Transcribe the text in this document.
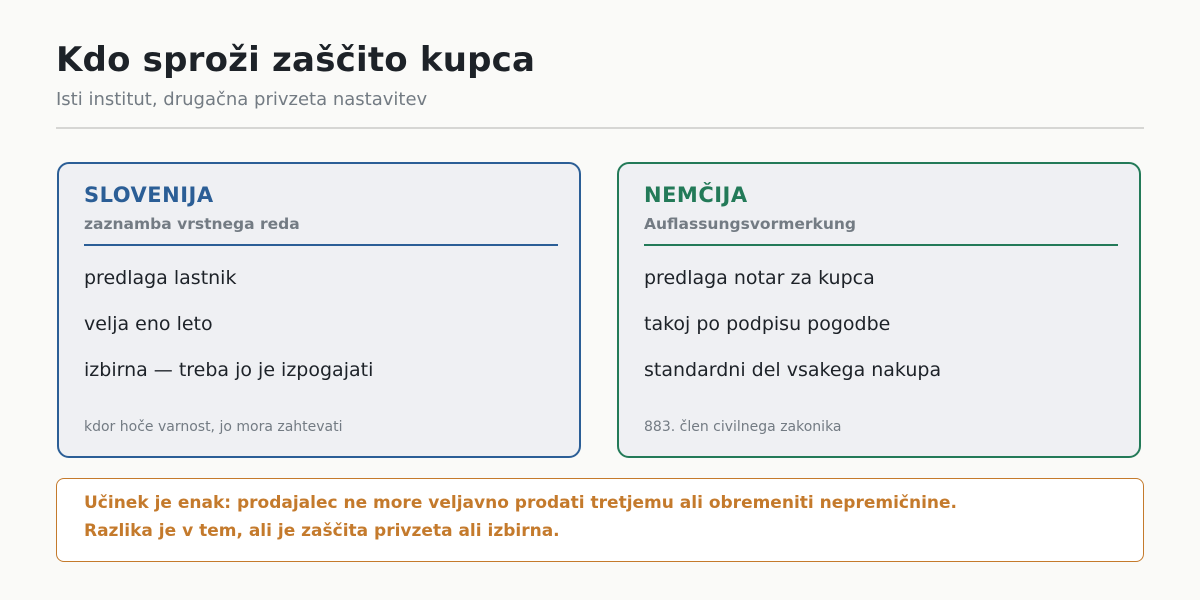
Kdo sproži zaščito kupca
Isti institut, drugačna privzeta nastavitev
SLOVENIJA
zaznamba vrstnega reda
predlaga lastnik
velja eno leto
izbirna — treba jo je izpogajati
kdor hoče varnost, jo mora zahtevati
NEMČIJA
Auflassungsvormerkung
predlaga notar za kupca
takoj po podpisu pogodbe
standardni del vsakega nakupa
883. člen civilnega zakonika
Učinek je enak: prodajalec ne more veljavno prodati tretjemu ali obremeniti nepremičnine.
Razlika je v tem, ali je zaščita privzeta ali izbirna.
